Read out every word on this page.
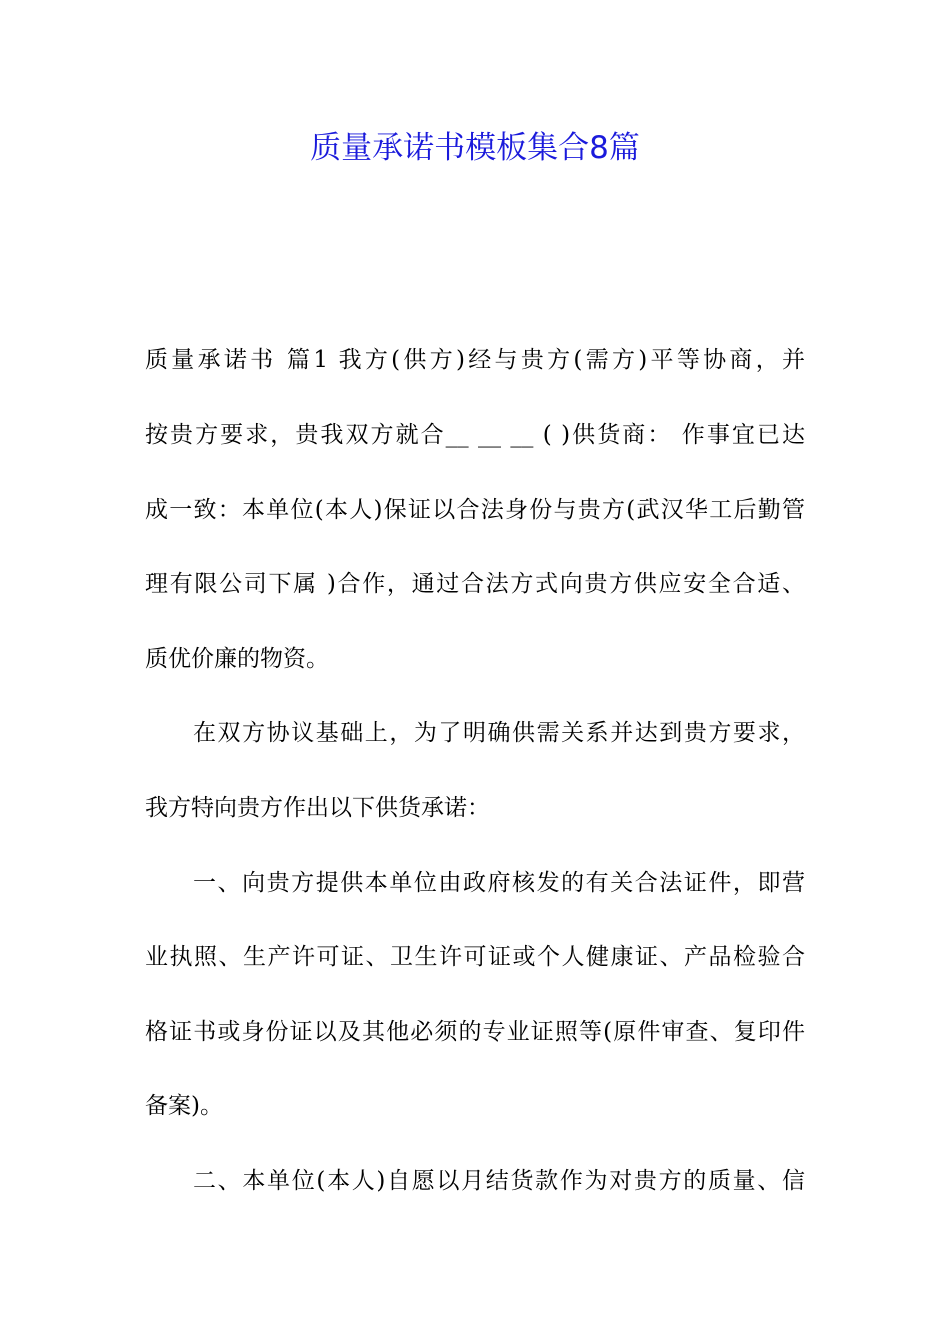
质量承诺书模板集合8篇
质量承诺书 篇1 我方(供方)经与贵方(需方)平等协商，并
按贵方要求，贵我双方就合__ __ __ ( )供货商： 作事宜已达
成一致：本单位(本人)保证以合法身份与贵方(武汉华工后勤管
理有限公司下属 )合作，通过合法方式向贵方供应安全合适、
质优价廉的物资。
在双方协议基础上，为了明确供需关系并达到贵方要求，
我方特向贵方作出以下供货承诺：
一、向贵方提供本单位由政府核发的有关合法证件，即营
业执照、生产许可证、卫生许可证或个人健康证、产品检验合
格证书或身份证以及其他必须的专业证照等(原件审查、复印件
备案)。
二、本单位(本人)自愿以月结货款作为对贵方的质量、信
